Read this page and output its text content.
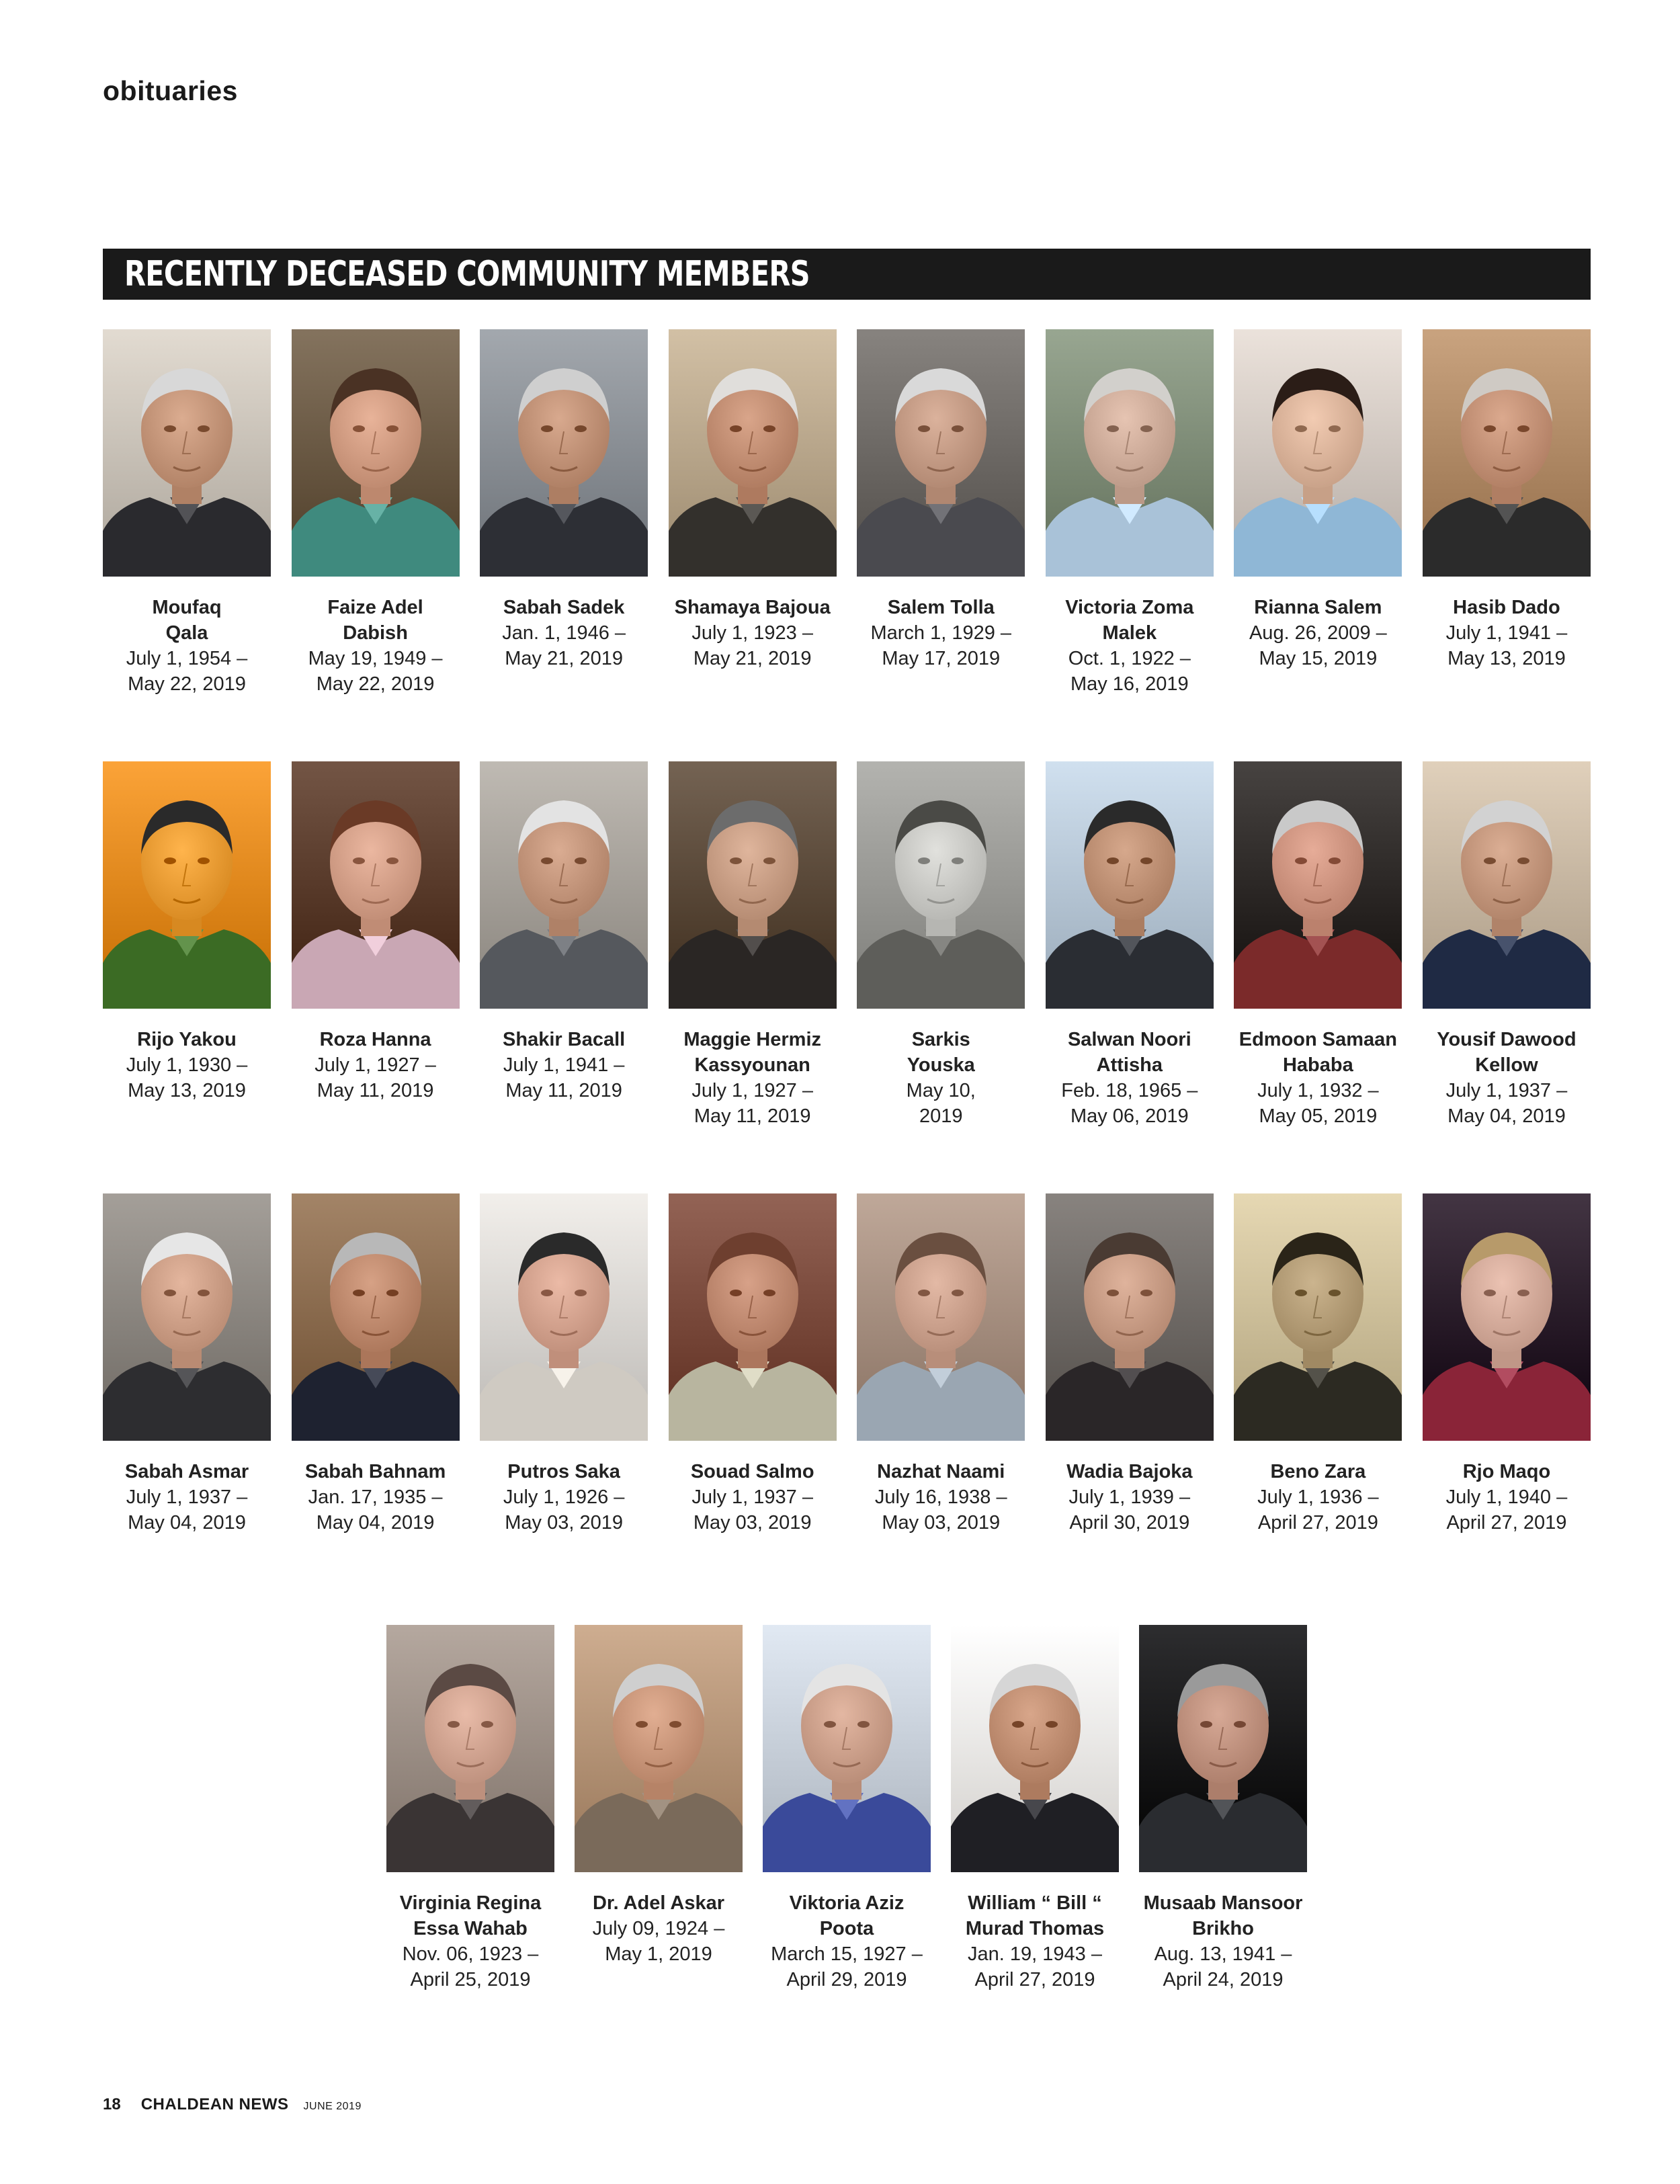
obituaries
RECENTLY DECEASED COMMUNITY MEMBERS
Moufaq
Qala
July 1, 1954 –
May 22, 2019
Faize Adel
Dabish
May 19, 1949 –
May 22, 2019
Sabah Sadek
Jan. 1, 1946 –
May 21, 2019
Shamaya Bajoua
July 1, 1923 –
May 21, 2019
Salem Tolla
March 1, 1929 –
May 17, 2019
Victoria Zoma
Malek
Oct. 1, 1922 –
May 16, 2019
Rianna Salem
Aug. 26, 2009 –
May 15, 2019
Hasib Dado
July 1, 1941 –
May 13, 2019
Rijo Yakou
July 1, 1930 –
May 13, 2019
Roza Hanna
July 1, 1927 –
May 11, 2019
Shakir Bacall
July 1, 1941 –
May 11, 2019
Maggie Hermiz
Kassyounan
July 1, 1927 –
May 11, 2019
Sarkis
Youska
May 10,
2019
Salwan Noori
Attisha
Feb. 18, 1965 –
May 06, 2019
Edmoon Samaan
Hababa
July 1, 1932 –
May 05, 2019
Yousif Dawood
Kellow
July 1, 1937 –
May 04, 2019
Sabah Asmar
July 1, 1937 –
May 04, 2019
Sabah Bahnam
Jan. 17, 1935 –
May 04, 2019
Putros Saka
July 1, 1926 –
May 03, 2019
Souad Salmo
July 1, 1937 –
May 03, 2019
Nazhat Naami
July 16, 1938 –
May 03, 2019
Wadia Bajoka
July 1, 1939 –
April 30, 2019
Beno Zara
July 1, 1936 –
April 27, 2019
Rjo Maqo
July 1, 1940 –
April 27, 2019
Virginia Regina
Essa Wahab
Nov. 06, 1923 –
April 25, 2019
Dr. Adel Askar
July 09, 1924 –
May 1, 2019
Viktoria Aziz
Poota
March 15, 1927 –
April 29, 2019
William “ Bill “
Murad Thomas
Jan. 19, 1943 –
April 27, 2019
Musaab Mansoor
Brikho
Aug. 13, 1941 –
April 24, 2019
18 CHALDEAN NEWS JUNE 2019
